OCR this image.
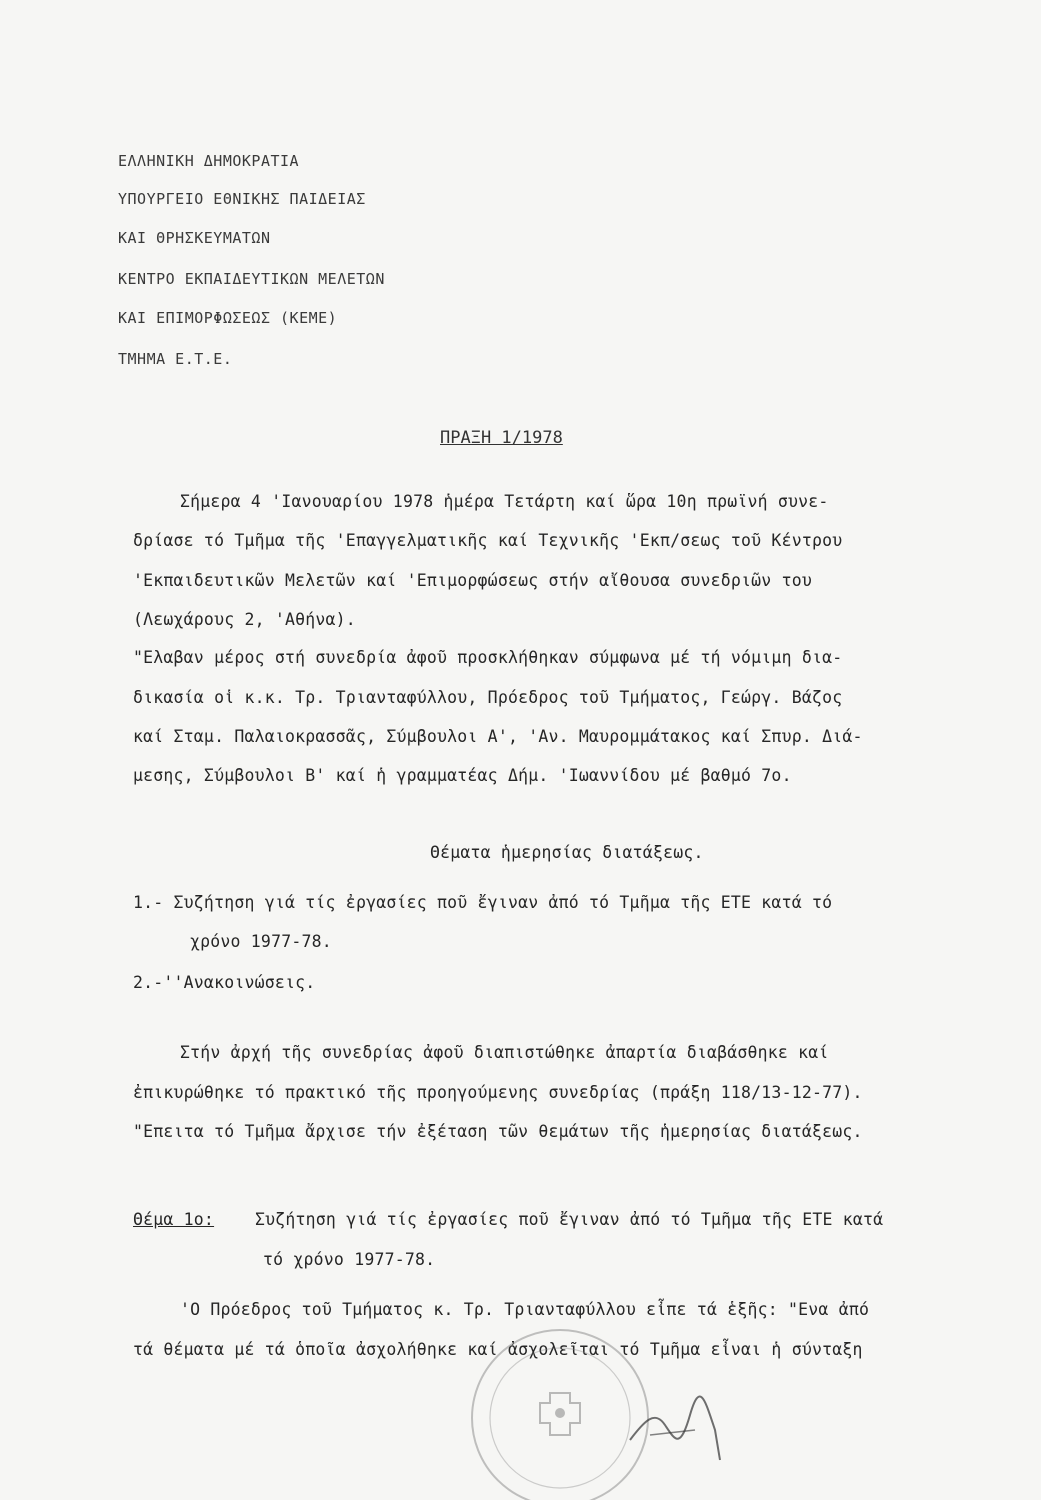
ΕΛΛΗΝΙΚΗ ΔΗΜΟΚΡΑΤΙΑ
ΥΠΟΥΡΓΕΙΟ ΕΘΝΙΚΗΣ ΠΑΙΔΕΙΑΣ
ΚΑΙ ΘΡΗΣΚΕΥΜΑΤΩΝ
ΚΕΝΤΡΟ ΕΚΠΑΙΔΕΥΤΙΚΩΝ ΜΕΛΕΤΩΝ
ΚΑΙ ΕΠΙΜΟΡΦΩΣΕΩΣ (ΚΕΜΕ)
ΤΜΗΜΑ Ε.Τ.Ε.
ΠΡΑΞΗ 1/1978
Σήμερα 4 'Ιανουαρίου 1978 ἡμέρα Τετάρτη καί ὥρα 10η πρωϊνή συνε-
δρίασε τό Τμῆμα τῆς 'Επαγγελματικῆς καί Τεχνικῆς 'Εκπ/σεως τοῦ Κέντρου
'Εκπαιδευτικῶν Μελετῶν καί 'Επιμορφώσεως στήν αἴθουσα συνεδριῶν του
(Λεωχάρους 2, 'Αθήνα).
"Ελαβαν μέρος στή συνεδρία ἀφοῦ προσκλήθηκαν σύμφωνα μέ τή νόμιμη δια-
δικασία οἱ κ.κ. Τρ. Τριανταφύλλου, Πρόεδρος τοῦ Τμήματος, Γεώργ. Βάζος
καί Σταμ. Παλαιοκρασσᾶς, Σύμβουλοι Α', 'Αν. Μαυρομμάτακος καί Σπυρ. Διά-
μεσης, Σύμβουλοι Β' καί ἡ γραμματέας Δήμ. 'Ιωαννίδου μέ βαθμό 7ο.
Θέματα ἡμερησίας διατάξεως.
1.- Συζήτηση γιά τίς ἐργασίες ποῦ ἔγιναν ἀπό τό Τμῆμα τῆς ΕΤΕ κατά τό
χρόνο 1977-78.
2.-''Ανακοινώσεις.
Στήν ἀρχή τῆς συνεδρίας ἀφοῦ διαπιστώθηκε ἀπαρτία διαβάσθηκε καί
ἐπικυρώθηκε τό πρακτικό τῆς προηγούμενης συνεδρίας (πράξη 118/13-12-77).
"Επειτα τό Τμῆμα ἄρχισε τήν ἐξέταση τῶν θεμάτων τῆς ἡμερησίας διατάξεως.
Θέμα 1ο: Συζήτηση γιά τίς ἐργασίες ποῦ ἔγιναν ἀπό τό Τμῆμα τῆς ΕΤΕ κατά
τό χρόνο 1977-78.
'Ο Πρόεδρος τοῦ Τμήματος κ. Τρ. Τριανταφύλλου εἶπε τά ἑξῆς: "Ενα ἀπό
τά θέματα μέ τά ὁποῖα ἀσχολήθηκε καί ἀσχολεῖται τό Τμῆμα εἶναι ἡ σύνταξη
